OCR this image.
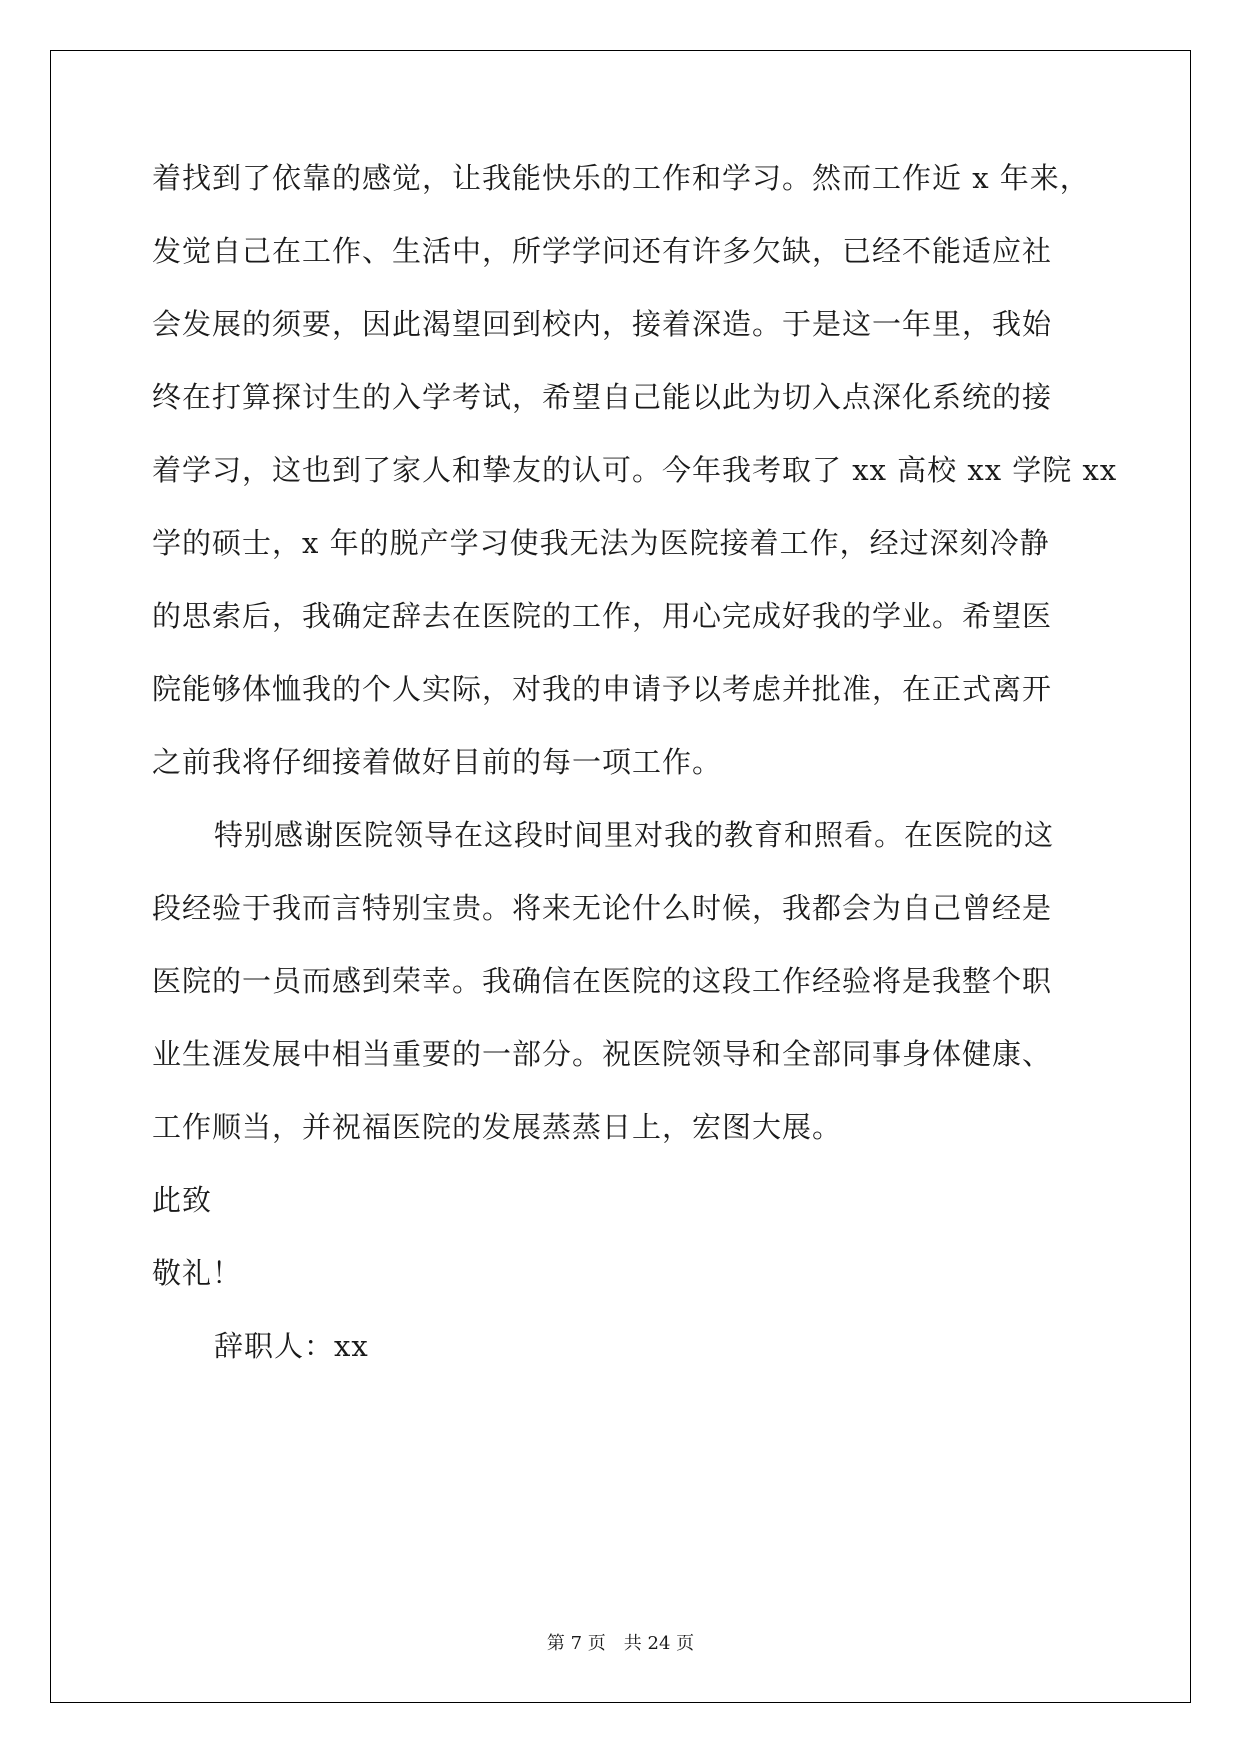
着找到了依靠的感觉，让我能快乐的工作和学习。然而工作近 x 年来，
发觉自己在工作、生活中，所学学问还有许多欠缺，已经不能适应社
会发展的须要，因此渴望回到校内，接着深造。于是这一年里，我始
终在打算探讨生的入学考试，希望自己能以此为切入点深化系统的接
着学习，这也到了家人和挚友的认可。今年我考取了 xx 高校 xx 学院 xx
学的硕士，x 年的脱产学习使我无法为医院接着工作，经过深刻冷静
的思索后，我确定辞去在医院的工作，用心完成好我的学业。希望医
院能够体恤我的个人实际，对我的申请予以考虑并批准，在正式离开
之前我将仔细接着做好目前的每一项工作。
特别感谢医院领导在这段时间里对我的教育和照看。在医院的这
段经验于我而言特别宝贵。将来无论什么时候，我都会为自己曾经是
医院的一员而感到荣幸。我确信在医院的这段工作经验将是我整个职
业生涯发展中相当重要的一部分。祝医院领导和全部同事身体健康、
工作顺当，并祝福医院的发展蒸蒸日上，宏图大展。
此致
敬礼！
辞职人：xx
第 7 页　共 24 页
